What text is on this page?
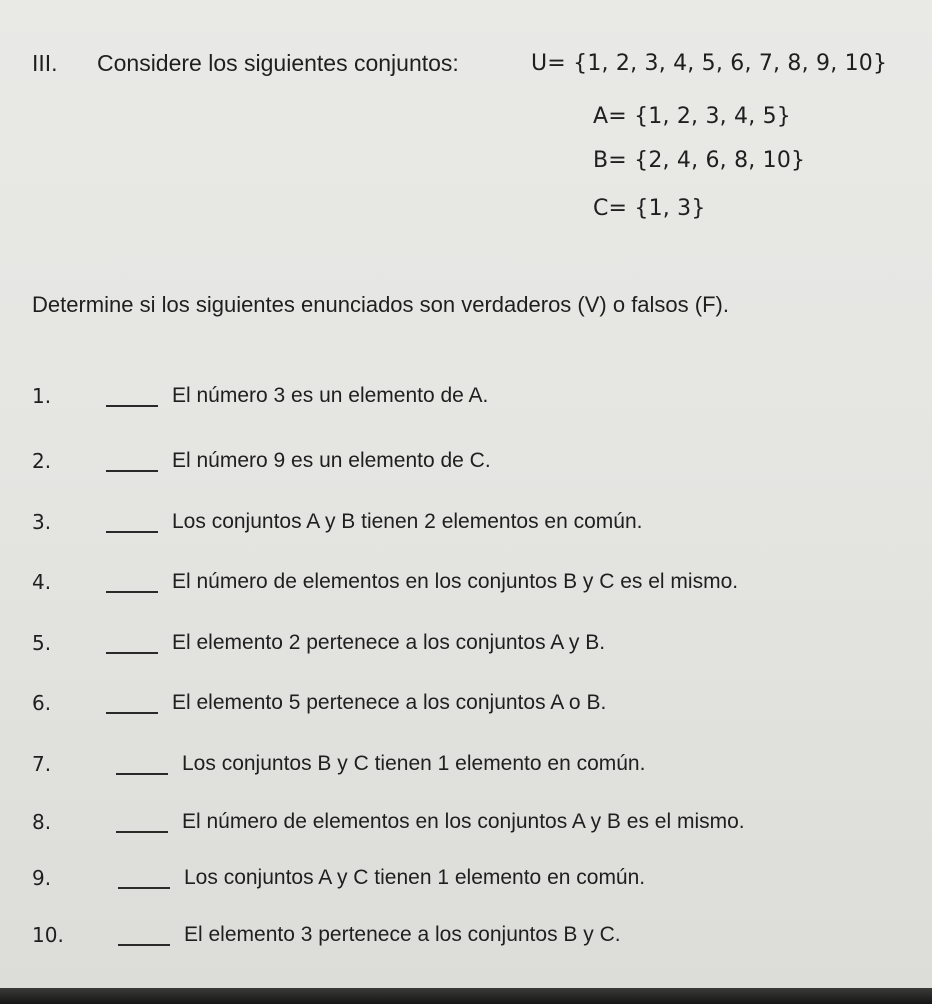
III. Considere los siguientes conjuntos:	U= {1, 2, 3, 4, 5, 6, 7, 8, 9, 10}
A= {1, 2, 3, 4, 5}
B= {2, 4, 6, 8, 10}
C= {1, 3}
Determine si los siguientes enunciados son verdaderos (V) o falsos (F).
1.	El número 3 es un elemento de A.
2.	El número 9 es un elemento de C.
3.	Los conjuntos A y B tienen 2 elementos en común.
4.	El número de elementos en los conjuntos B y C es el mismo.
5.	El elemento 2 pertenece a los conjuntos A y B.
6.	El elemento 5 pertenece a los conjuntos A o B.
7.	Los conjuntos B y C tienen 1 elemento en común.
8.	El número de elementos en los conjuntos A y B es el mismo.
9.	Los conjuntos A y C tienen 1 elemento en común.
10.	El elemento 3 pertenece a los conjuntos B y C.
